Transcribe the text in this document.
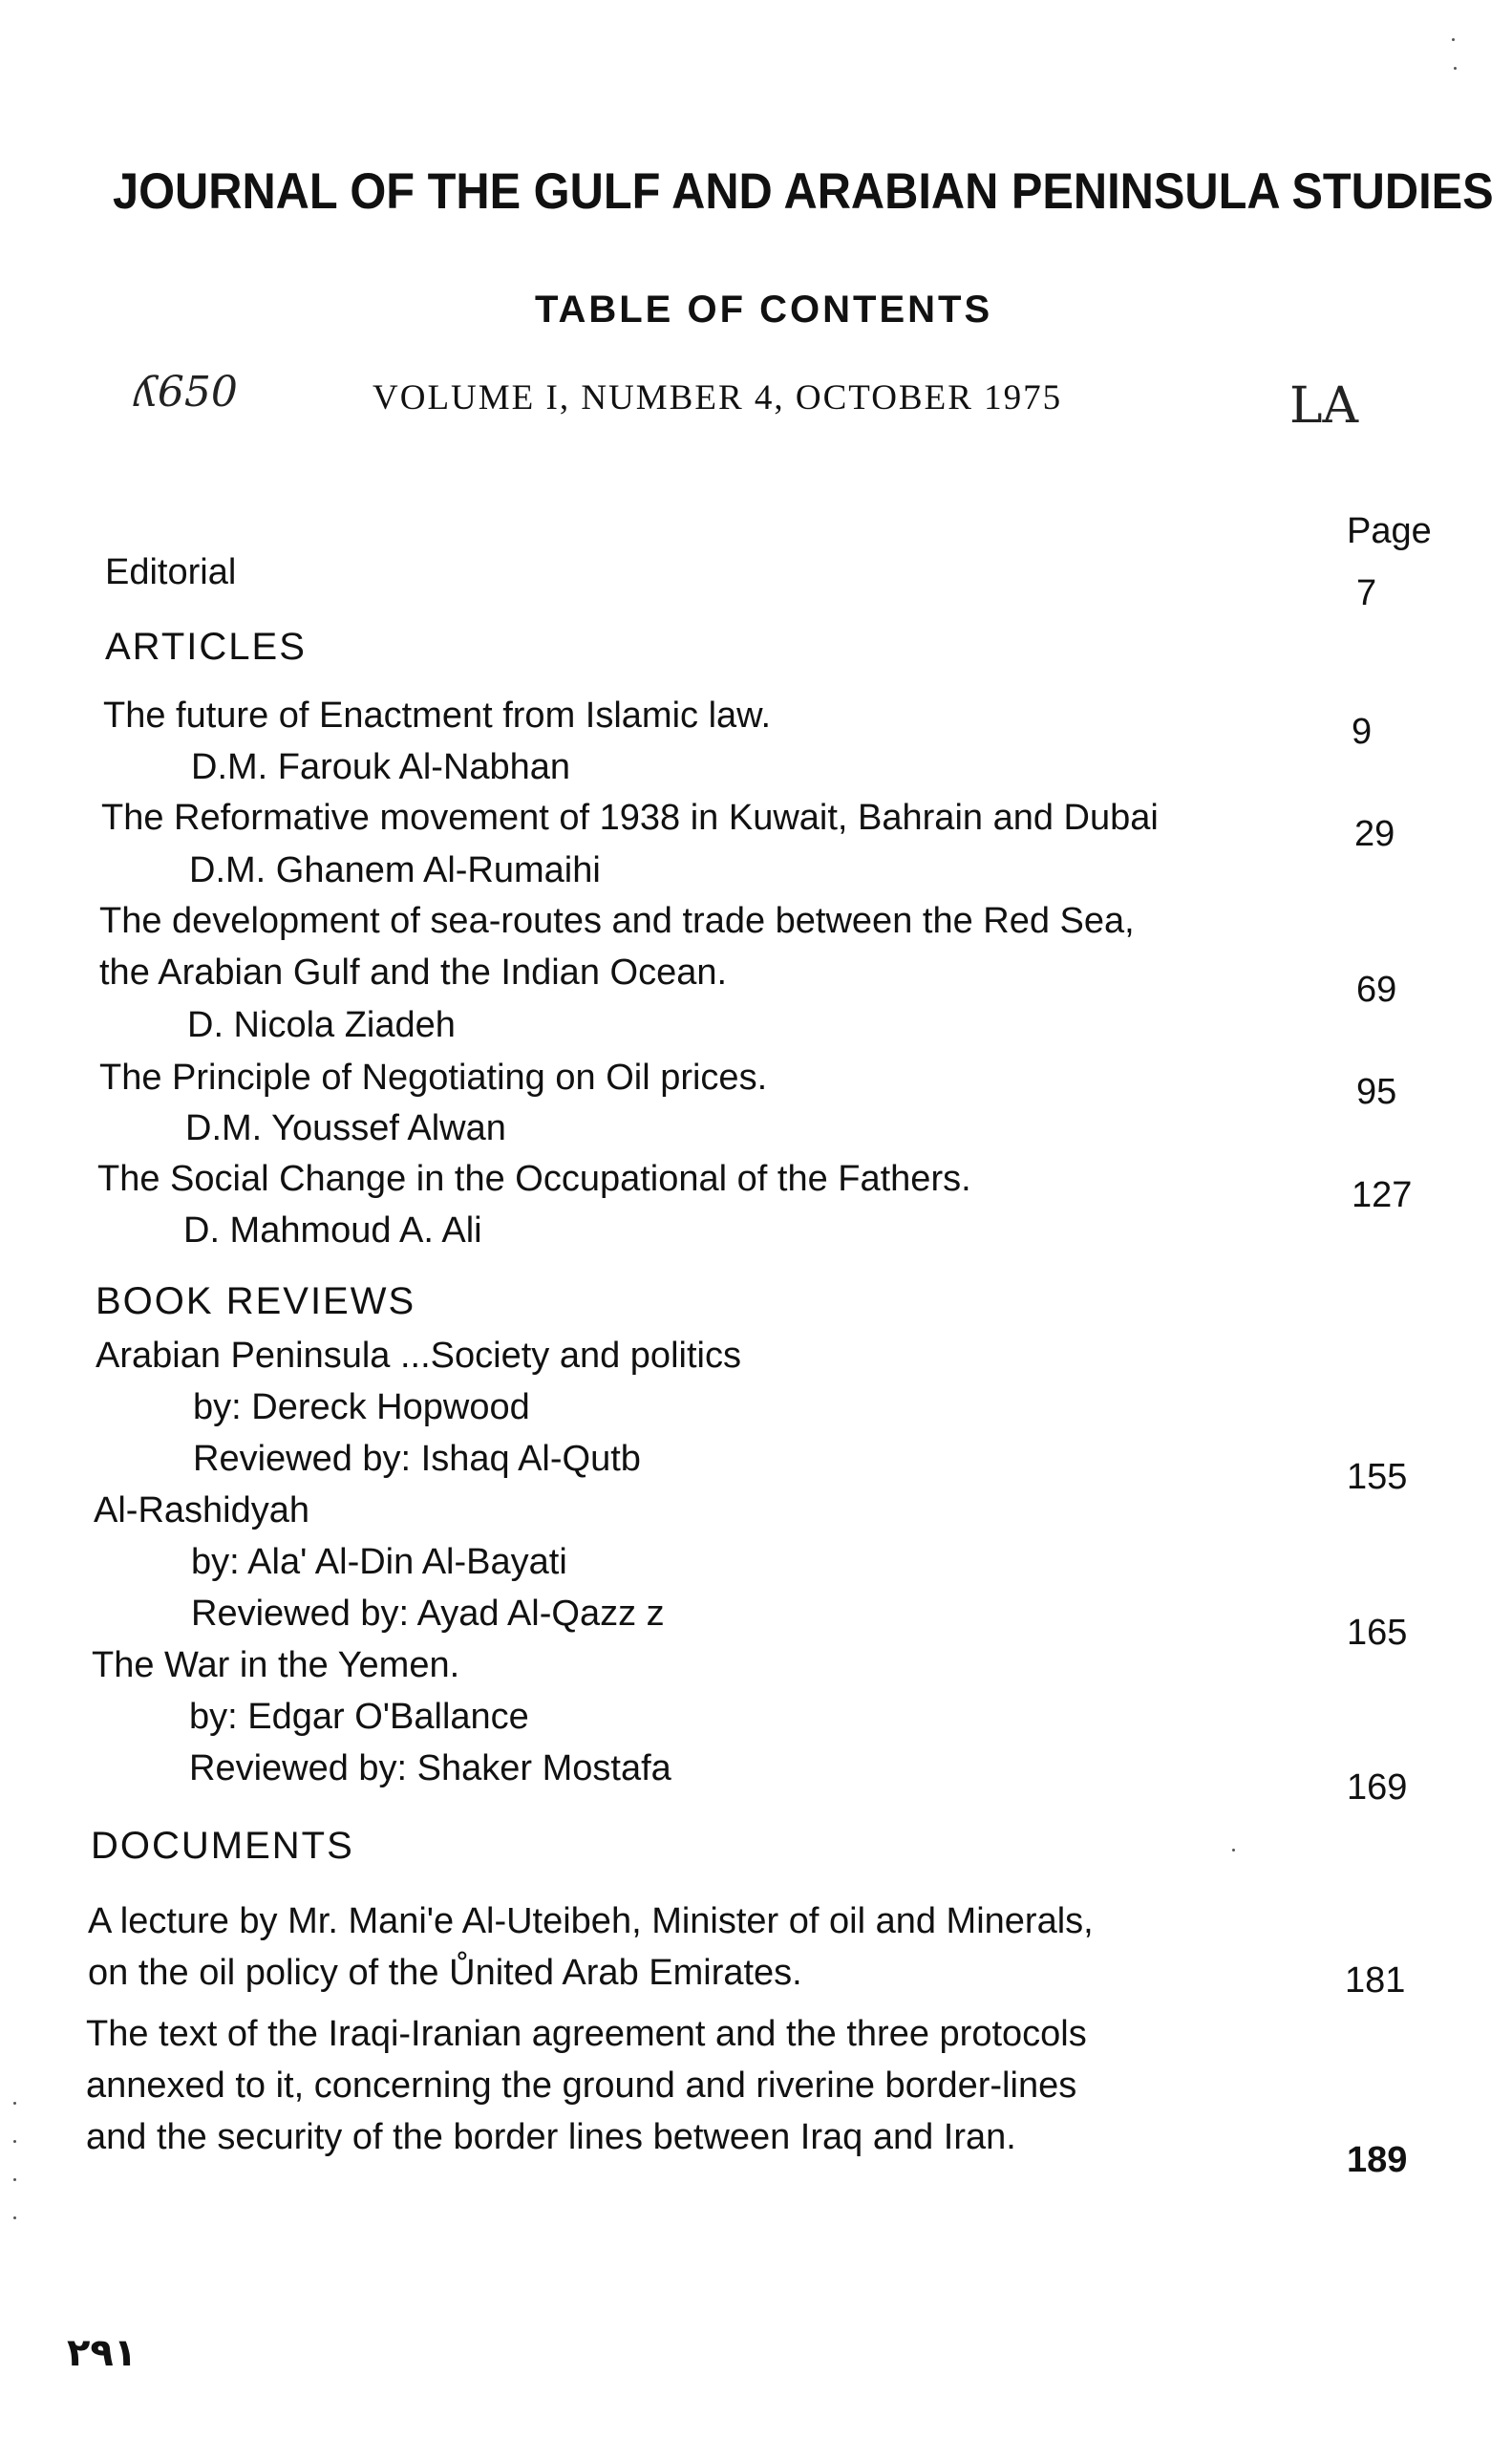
JOURNAL OF THE GULF AND ARABIAN PENINSULA STUDIES
TABLE OF CONTENTS
ʎ650	VOLUME I, NUMBER 4, OCTOBER 1975	LA
Page
Editorial
7
ARTICLES
The future of Enactment from Islamic law.
D.M. Farouk Al-Nabhan
9
The Reformative movement of 1938 in Kuwait, Bahrain and Dubai
D.M. Ghanem Al-Rumaihi
29
The development of sea-routes and trade between the Red Sea,
the Arabian Gulf and the Indian Ocean.
D. Nicola Ziadeh
69
The Principle of Negotiating on Oil prices.
D.M. Youssef Alwan
95
The Social Change in the Occupational of the Fathers.
D. Mahmoud A. Ali
127
BOOK REVIEWS
Arabian Peninsula ...Society and politics
by: Dereck Hopwood
Reviewed by: Ishaq Al-Qutb	155
Al-Rashidyah
by: Ala' Al-Din Al-Bayati
Reviewed by: Ayad Al-Qazz z	165
The War in the Yemen.
by: Edgar O'Ballance
Reviewed by: Shaker Mostafa	169
DOCUMENTS
A lecture by Mr. Mani'e Al-Uteibeh, Minister of oil and Minerals,
on the oil policy of the Ůnited Arab Emirates.	181
The text of the Iraqi-Iranian agreement and the three protocols
annexed to it, concerning the ground and riverine border-lines
and the security of the border lines between Iraq and Iran.
189
٢٩١
